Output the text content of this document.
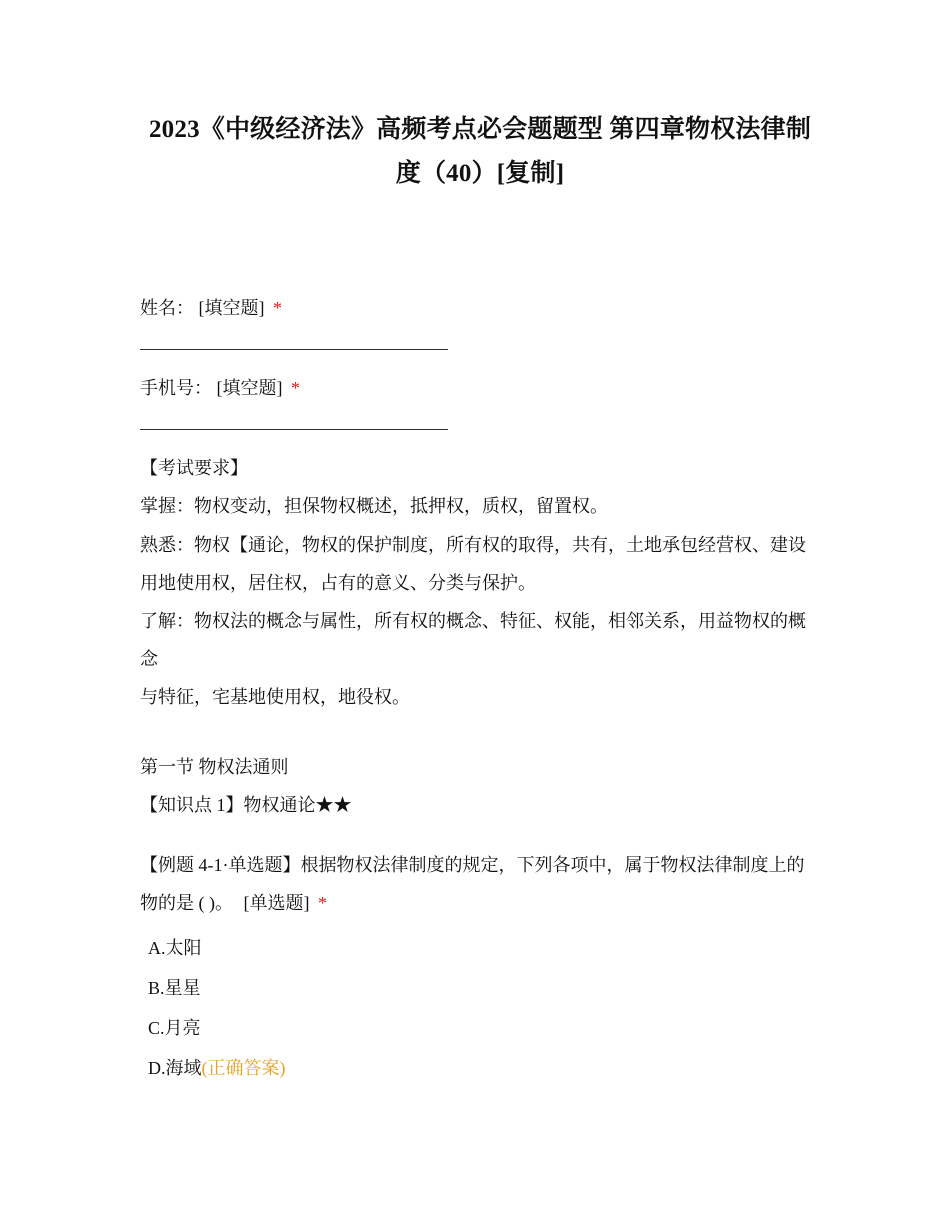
2023《中级经济法》高频考点必会题题型 第四章物权法律制度（40）[复制]
姓名： [填空题] *
手机号： [填空题] *
【考试要求】
掌握：物权变动，担保物权概述，抵押权，质权，留置权。
熟悉：物权【通论，物权的保护制度，所有权的取得，共有，土地承包经营权、建设用地使用权，居住权，占有的意义、分类与保护。
了解：物权法的概念与属性，所有权的概念、特征、权能，相邻关系，用益物权的概念
与特征，宅基地使用权，地役权。
第一节 物权法通则
【知识点 1】物权通论★★
【例题 4-1·单选题】根据物权法律制度的规定，下列各项中，属于物权法律制度上的物的是 ( )。 [单选题] *
A.太阳
B.星星
C.月亮
D.海域(正确答案)
